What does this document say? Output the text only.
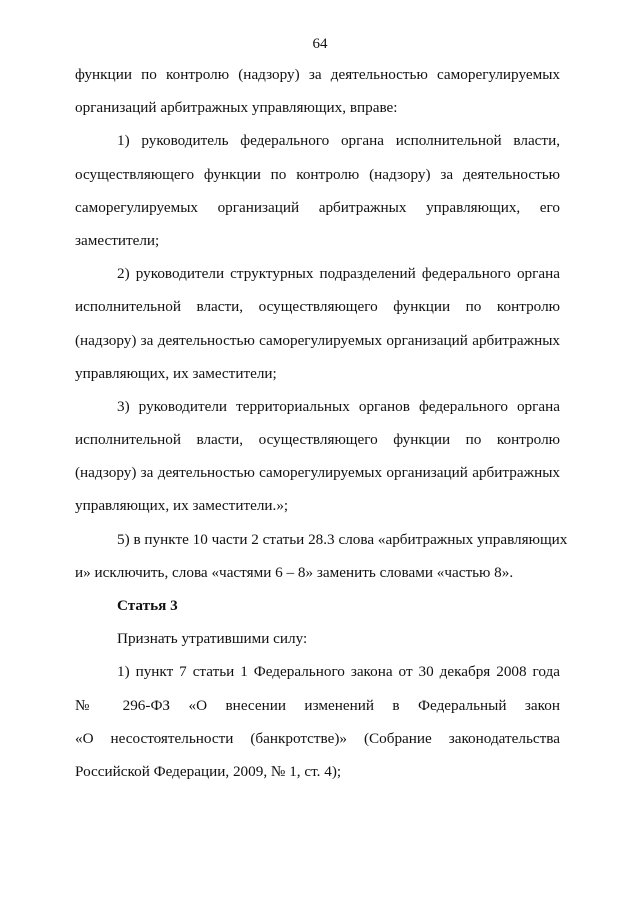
64
функции по контролю (надзору) за деятельностью саморегулируемых
организаций арбитражных управляющих, вправе:
1) руководитель федерального органа исполнительной власти,
осуществляющего функции по контролю (надзору) за деятельностью
саморегулируемых организаций арбитражных управляющих, его
заместители;
2) руководители структурных подразделений федерального органа
исполнительной власти, осуществляющего функции по контролю
(надзору) за деятельностью саморегулируемых организаций арбитражных
управляющих, их заместители;
3) руководители территориальных органов федерального органа
исполнительной власти, осуществляющего функции по контролю
(надзору) за деятельностью саморегулируемых организаций арбитражных
управляющих, их заместители.»;
5) в пункте 10 части 2 статьи 28.3 слова «арбитражных управляющих
и» исключить, слова «частями 6 – 8» заменить словами «частью 8».
Статья 3
Признать утратившими силу:
1) пункт 7 статьи 1 Федерального закона от 30 декабря 2008 года
№ 296-ФЗ «О внесении изменений в Федеральный закон
«О несостоятельности (банкротстве)» (Собрание законодательства
Российской Федерации, 2009, № 1, ст. 4);
